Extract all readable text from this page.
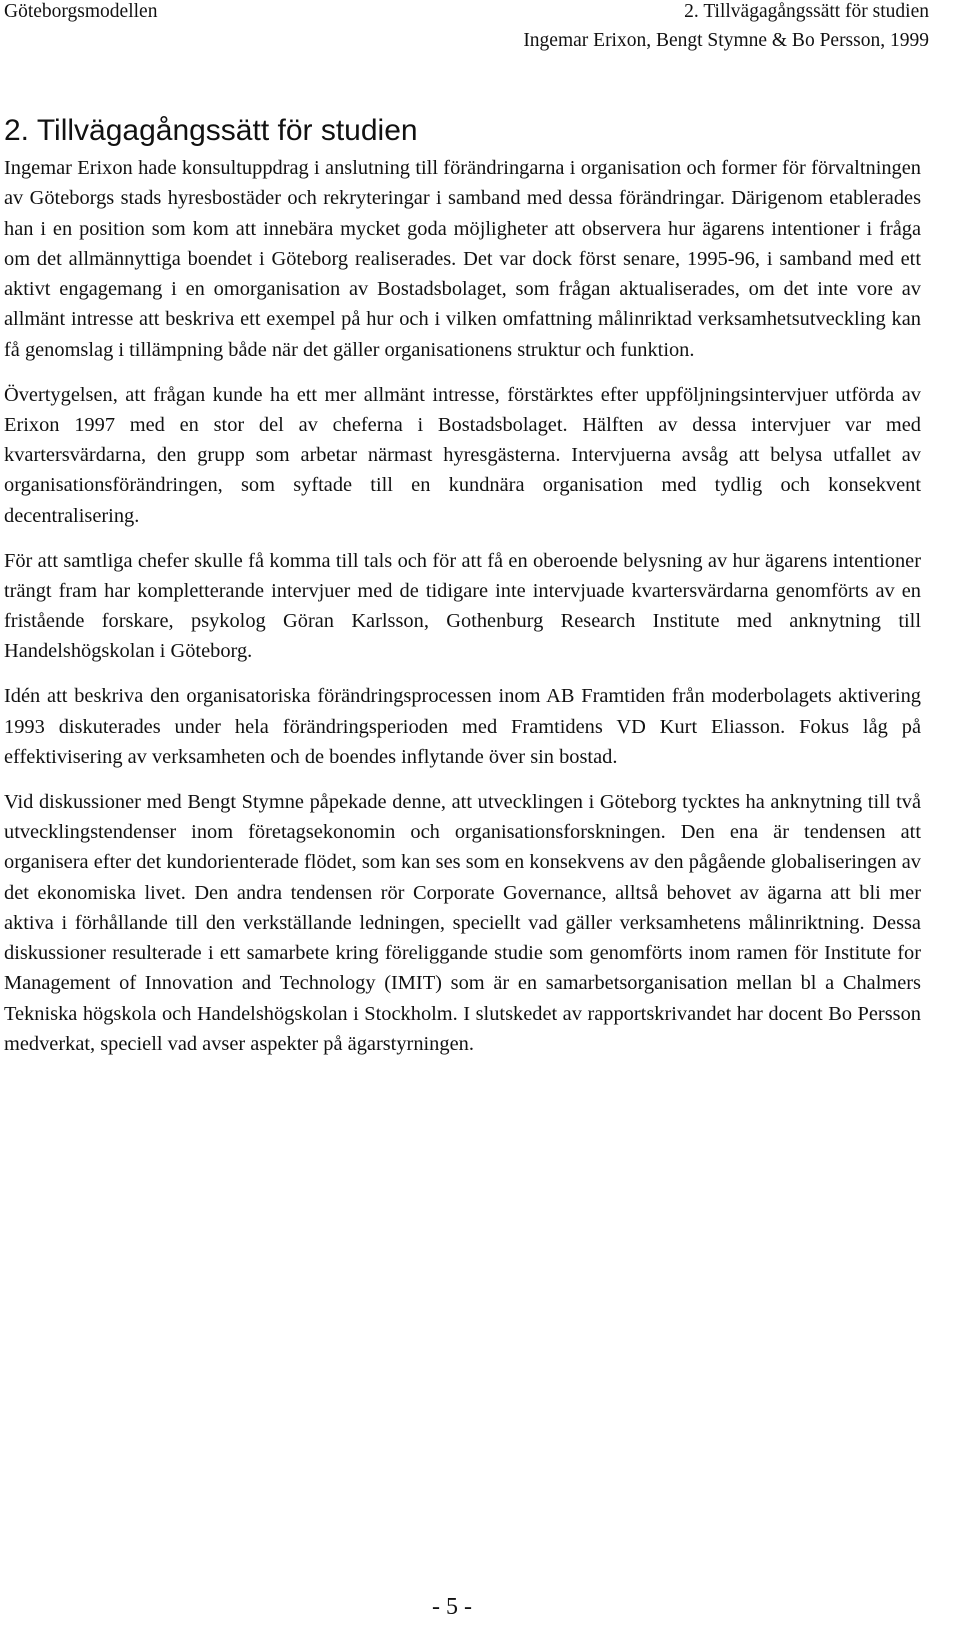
Göteborgsmodellen	2. Tillvägagångssätt för studien
Ingemar Erixon, Bengt Stymne & Bo Persson, 1999
2. Tillvägagångssätt för studien

Ingemar Erixon hade konsultuppdrag i anslutning till förändringarna i organisation och former för förvaltningen av Göteborgs stads hyresbostäder och rekryteringar i samband med dessa förändringar. Därigenom etablerades han i en position som kom att innebära mycket goda möjligheter att observera hur ägarens intentioner i fråga om det allmännyttiga boendet i Göteborg realiserades. Det var dock först senare, 1995-96, i samband med ett aktivt engagemang i en omorganisation av Bostadsbolaget, som frågan aktualiserades, om det inte vore av allmänt intresse att beskriva ett exempel på hur och i vilken omfattning målinriktad verksamhetsutveckling kan få genomslag i tillämpning både när det gäller organisationens struktur och funktion.

Övertygelsen, att frågan kunde ha ett mer allmänt intresse, förstärktes efter uppföljningsintervjuer utförda av Erixon 1997 med en stor del av cheferna i Bostadsbolaget. Hälften av dessa intervjuer var med kvartersvärdarna, den grupp som arbetar närmast hyresgästerna. Intervjuerna avsåg att belysa utfallet av organisationsförändringen, som syftade till en kundnära organisation med tydlig och konsekvent decentralisering.

För att samtliga chefer skulle få komma till tals och för att få en oberoende belysning av hur ägarens intentioner trängt fram har kompletterande intervjuer med de tidigare inte intervjuade kvartersvärdarna genomförts av en fristående forskare, psykolog Göran Karlsson, Gothenburg Research Institute med anknytning till Handelshögskolan i Göteborg.

Idén att beskriva den organisatoriska förändringsprocessen inom AB Framtiden från moderbolagets aktivering 1993 diskuterades under hela förändringsperioden med Framtidens VD Kurt Eliasson. Fokus låg på effektivisering av verksamheten och de boendes inflytande över sin bostad.

Vid diskussioner med Bengt Stymne påpekade denne, att utvecklingen i Göteborg tycktes ha anknytning till två utvecklingstendenser inom företagsekonomin och organisationsforskningen. Den ena är tendensen att organisera efter det kundorienterade flödet, som kan ses som en konsekvens av den pågående globaliseringen av det ekonomiska livet. Den andra tendensen rör Corporate Governance, alltså behovet av ägarna att bli mer aktiva i förhållande till den verkställande ledningen, speciellt vad gäller verksamhetens målinriktning. Dessa diskussioner resulterade i ett samarbete kring föreliggande studie som genomförts inom ramen för Institute for Management of Innovation and Technology (IMIT) som är en samarbetsorganisation mellan bl a Chalmers Tekniska högskola och Handelshögskolan i Stockholm. I slutskedet av rapportskrivandet har docent Bo Persson medverkat, speciell vad avser aspekter på ägarstyrningen.

- 5 -
